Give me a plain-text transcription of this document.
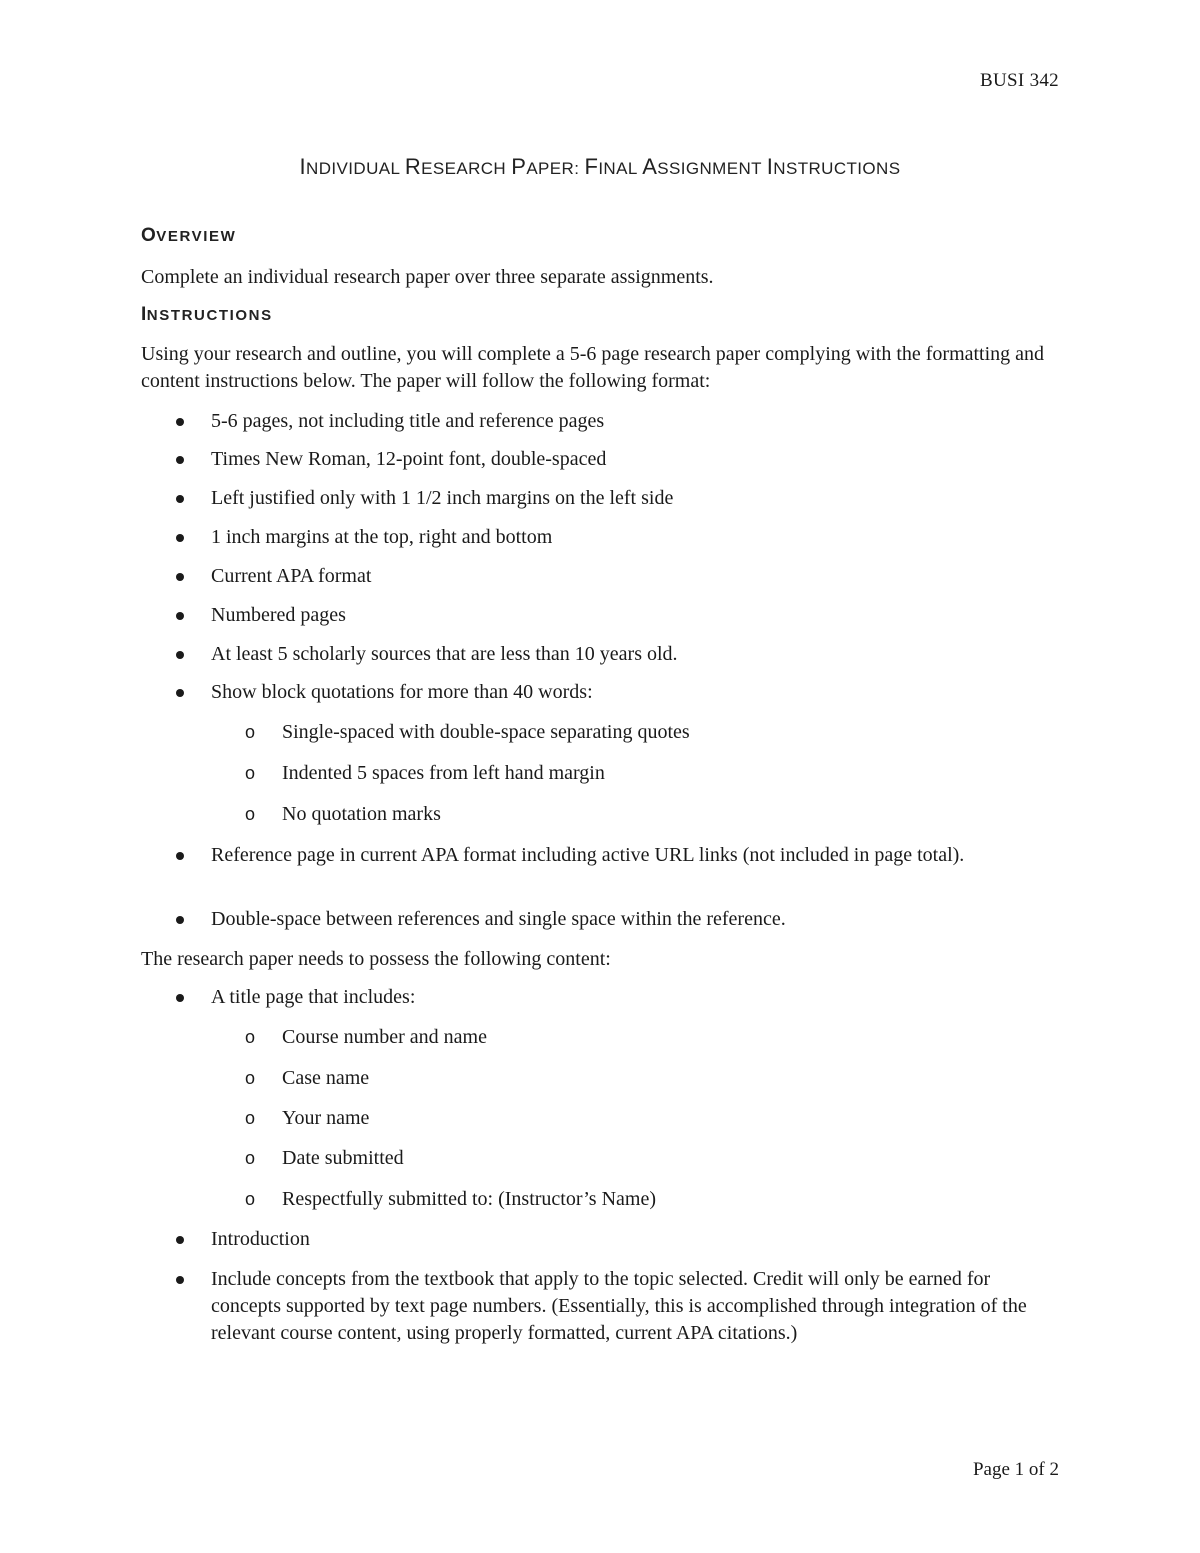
BUSI 342
INDIVIDUAL RESEARCH PAPER: FINAL ASSIGNMENT INSTRUCTIONS
OVERVIEW
Complete an individual research paper over three separate assignments.
INSTRUCTIONS
Using your research and outline, you will complete a 5-6 page research paper complying with the formatting and content instructions below. The paper will follow the following format:
5-6 pages, not including title and reference pages
Times New Roman, 12-point font, double-spaced
Left justified only with 1 1/2 inch margins on the left side
1 inch margins at the top, right and bottom
Current APA format
Numbered pages
At least 5 scholarly sources that are less than 10 years old.
Show block quotations for more than 40 words:
o Single-spaced with double-space separating quotes
o Indented 5 spaces from left hand margin
o No quotation marks
Reference page in current APA format including active URL links (not included in page total).
Double-space between references and single space within the reference.
The research paper needs to possess the following content:
A title page that includes:
o Course number and name
o Case name
o Your name
o Date submitted
o Respectfully submitted to: (Instructor’s Name)
Introduction
Include concepts from the textbook that apply to the topic selected. Credit will only be earned for concepts supported by text page numbers. (Essentially, this is accomplished through integration of the relevant course content, using properly formatted, current APA citations.)
Page 1 of 2
